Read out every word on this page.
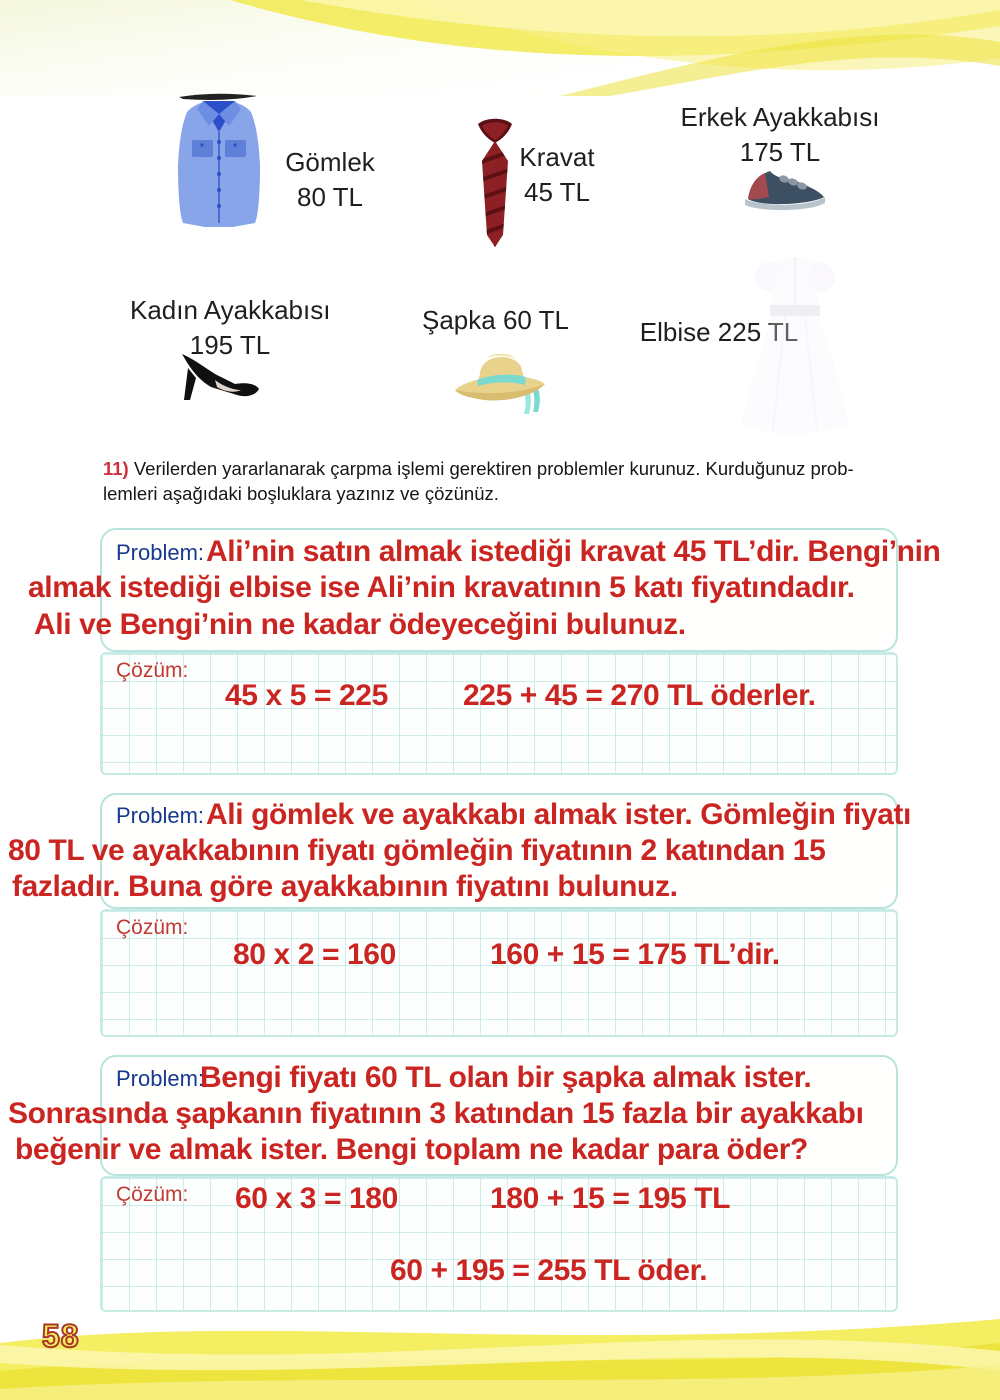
Gömlek
80 TL
Kravat
45 TL
Erkek Ayakkabısı
175 TL
Kadın Ayakkabısı
195 TL
Şapka 60 TL	Elbise 225 TL
11) Verilerden yararlanarak çarpma işlemi gerektiren problemler kurunuz. Kurduğunuz prob-
lemleri aşağıdaki boşluklara yazınız ve çözünüz.
Problem: Ali’nin satın almak istediği kravat 45 TL’dir. Bengi’nin
almak istediği elbise ise Ali’nin kravatının 5 katı fiyatındadır.
Ali ve Bengi’nin ne kadar ödeyeceğini bulunuz.
Çözüm:
45 x 5 = 225	225 + 45 = 270 TL öderler.
Problem: Ali gömlek ve ayakkabı almak ister. Gömleğin fiyatı
80 TL ve ayakkabının fiyatı gömleğin fiyatının 2 katından 15
fazladır. Buna göre ayakkabının fiyatını bulunuz.
Çözüm:
80 x 2 = 160	160 + 15 = 175 TL’dir.
Problem:
Bengi fiyatı 60 TL olan bir şapka almak ister.
Sonrasında şapkanın fiyatının 3 katından 15 fazla bir ayakkabı
beğenir ve almak ister. Bengi toplam ne kadar para öder?
Çözüm: 60 x 3 = 180	180 + 15 = 195 TL
60 + 195 = 255 TL öder.
58
